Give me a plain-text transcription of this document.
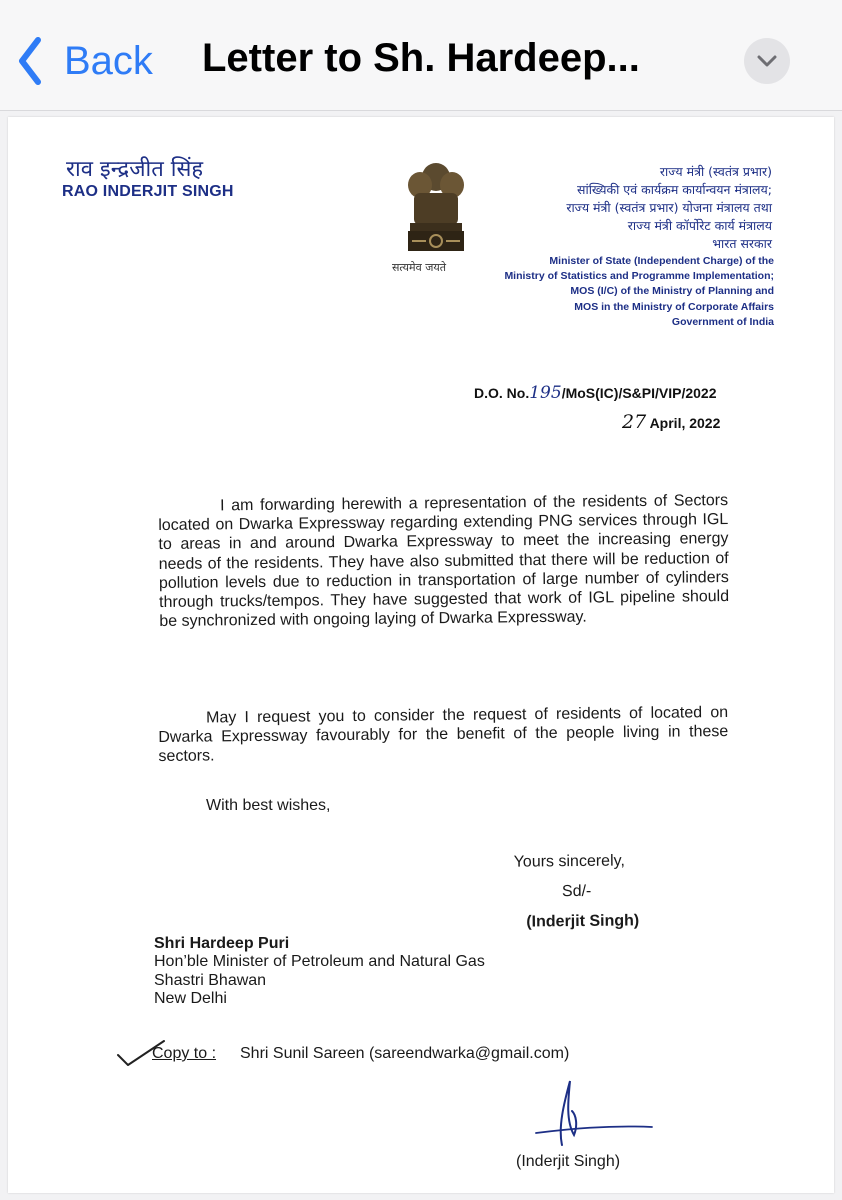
Back Letter to Sh. Hardeep...
राव इन्द्रजीत सिंह
RAO INDERJIT SINGH
सत्यमेव जयते
राज्य मंत्री (स्वतंत्र प्रभार)
सांख्यिकी एवं कार्यक्रम कार्यान्वयन मंत्रालय;
राज्य मंत्री (स्वतंत्र प्रभार) योजना मंत्रालय तथा
राज्य मंत्री कॉर्पोरेट कार्य मंत्रालय
भारत सरकार
Minister of State (Independent Charge) of the
Ministry of Statistics and Programme Implementation;
MOS (I/C) of the Ministry of Planning and
MOS in the Ministry of Corporate Affairs
Government of India
D.O. No.195/MoS(IC)/S&PI/VIP/2022
27 April, 2022
I am forwarding herewith a representation of the residents of Sectors located on Dwarka Expressway regarding extending PNG services through IGL to areas in and around Dwarka Expressway to meet the increasing energy needs of the residents. They have also submitted that there will be reduction of pollution levels due to reduction in transportation of large number of cylinders through trucks/tempos. They have suggested that work of IGL pipeline should be synchronized with ongoing laying of Dwarka Expressway.
May I request you to consider the request of residents of located on Dwarka Expressway favourably for the benefit of the people living in these sectors.
With best wishes,
Yours sincerely,
Sd/-
(Inderjit Singh)
Shri Hardeep Puri
Hon’ble Minister of Petroleum and Natural Gas
Shastri Bhawan
New Delhi
Copy to : Shri Sunil Sareen (sareendwarka@gmail.com)
(Inderjit Singh)
